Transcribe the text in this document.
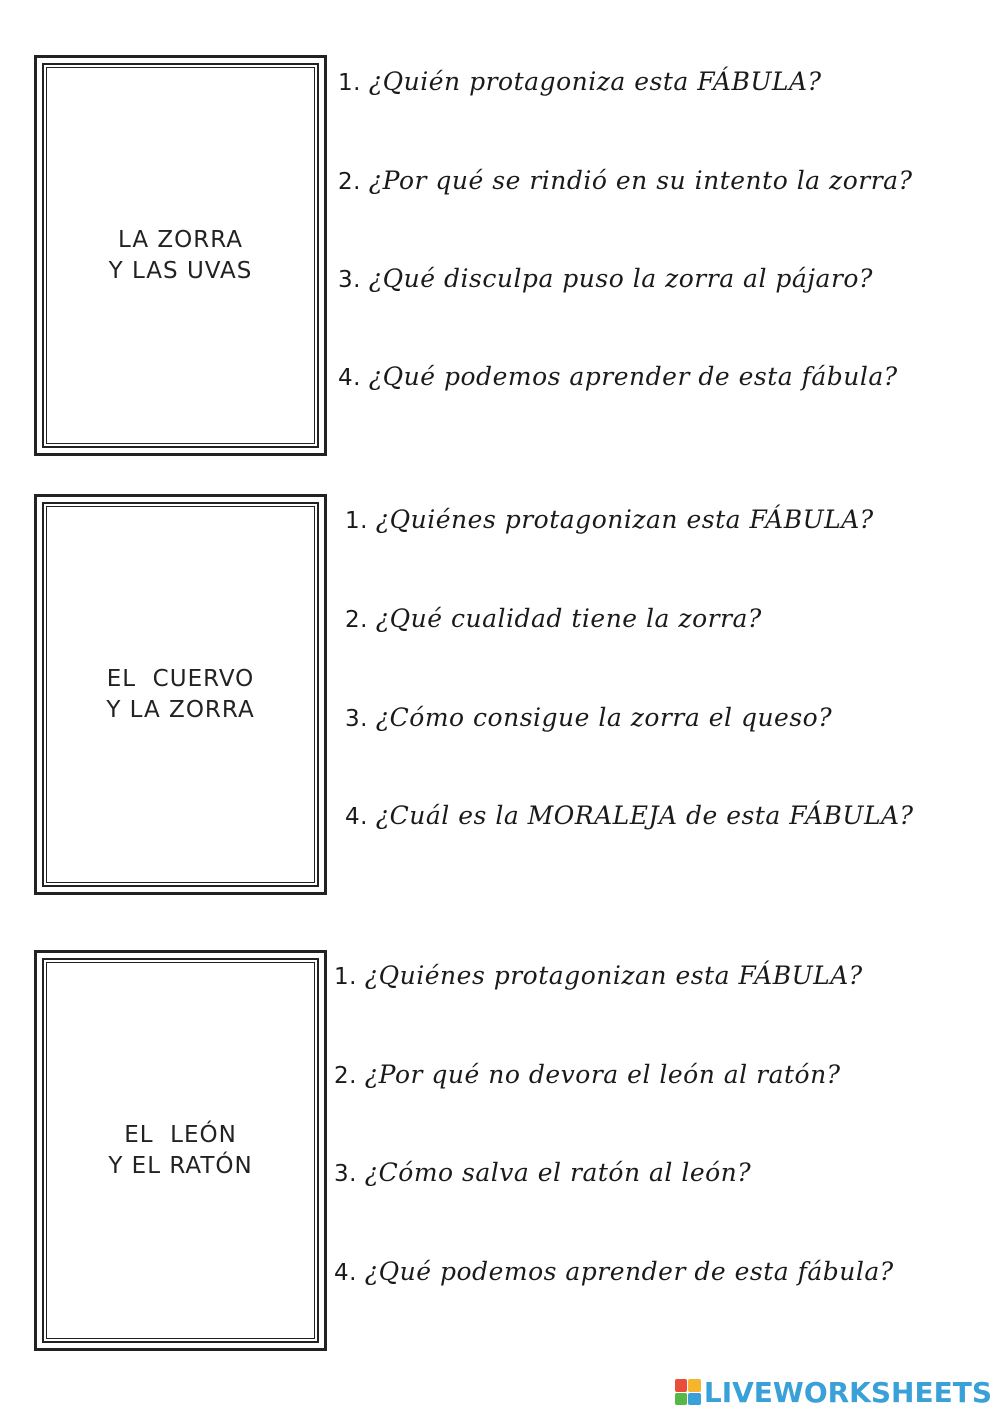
LA ZORRA
Y LAS UVAS
1. ¿Quién protagoniza esta FÁBULA?
2. ¿Por qué se rindió en su intento la zorra?
3. ¿Qué disculpa puso la zorra al pájaro?
4. ¿Qué podemos aprender de esta fábula?
EL  CUERVO
Y LA ZORRA
1. ¿Quiénes protagonizan esta FÁBULA?
2. ¿Qué cualidad tiene la zorra?
3. ¿Cómo consigue la zorra el queso?
4. ¿Cuál es la MORALEJA de esta FÁBULA?
EL  LEÓN
Y EL RATÓN
1. ¿Quiénes protagonizan esta FÁBULA?
2. ¿Por qué no devora el león al ratón?
3. ¿Cómo salva el ratón al león?
4. ¿Qué podemos aprender de esta fábula?
LIVEWORKSHEETS
